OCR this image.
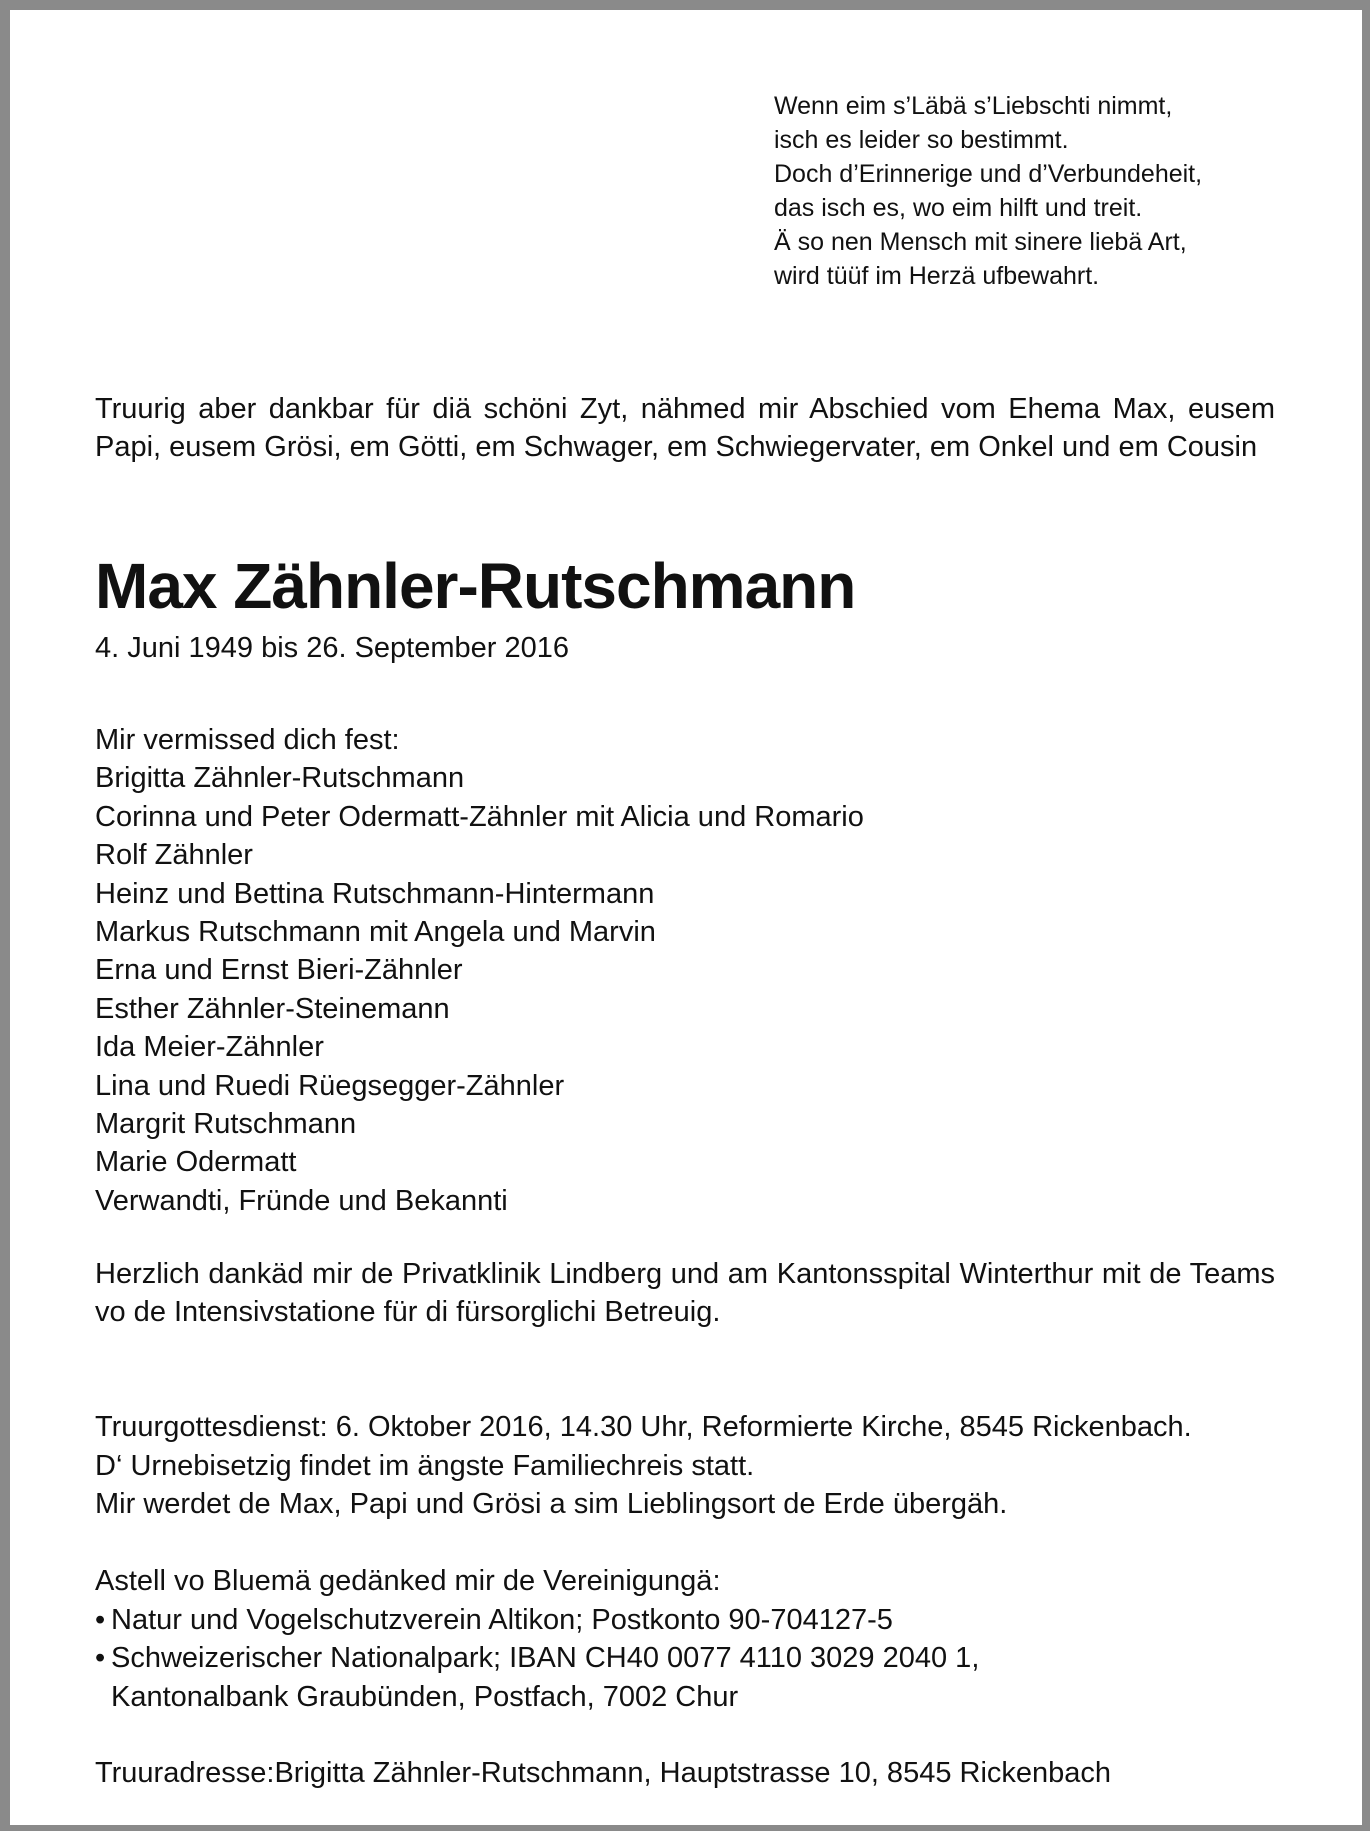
Wenn eim s’Läbä s’Liebschti nimmt,
isch es leider so bestimmt.
Doch d’Erinnerige und d’Verbundeheit,
das isch es, wo eim hilft und treit.
Ä so nen Mensch mit sinere liebä Art,
wird tüüf im Herzä ufbewahrt.

Truurig aber dankbar für diä schöni Zyt, nähmed mir Abschied vom Ehema Max, eusem Papi, eusem Grösi, em Götti, em Schwager, em Schwiegervater, em Onkel und em Cousin

Max Zähnler-Rutschmann

4. Juni 1949 bis 26. September 2016

Mir vermissed dich fest:
Brigitta Zähnler-Rutschmann
Corinna und Peter Odermatt-Zähnler mit Alicia und Romario
Rolf Zähnler
Heinz und Bettina Rutschmann-Hintermann
Markus Rutschmann mit Angela und Marvin
Erna und Ernst Bieri-Zähnler
Esther Zähnler-Steinemann
Ida Meier-Zähnler
Lina und Ruedi Rüegsegger-Zähnler
Margrit Rutschmann
Marie Odermatt
Verwandti, Fründe und Bekannti

Herzlich dankäd mir de Privatklinik Lindberg und am Kantonsspital Winterthur mit de Teams vo de Intensivstatione für di fürsorglichi Betreuig.

Truurgottesdienst: 6. Oktober 2016, 14.30 Uhr, Reformierte Kirche, 8545 Rickenbach.
D‘ Urnebisetzig findet im ängste Familiechreis statt.
Mir werdet de Max, Papi und Grösi a sim Lieblingsort de Erde übergäh.
Astell vo Bluemä gedänked mir de Vereinigungä:
• Natur und Vogelschutzverein Altikon; Postkonto 90-704127-5
• Schweizerischer Nationalpark; IBAN CH40 0077 4110 3029 2040 1,
Kantonalbank Graubünden, Postfach, 7002 Chur

Truuradresse:Brigitta Zähnler-Rutschmann, Hauptstrasse 10, 8545 Rickenbach
